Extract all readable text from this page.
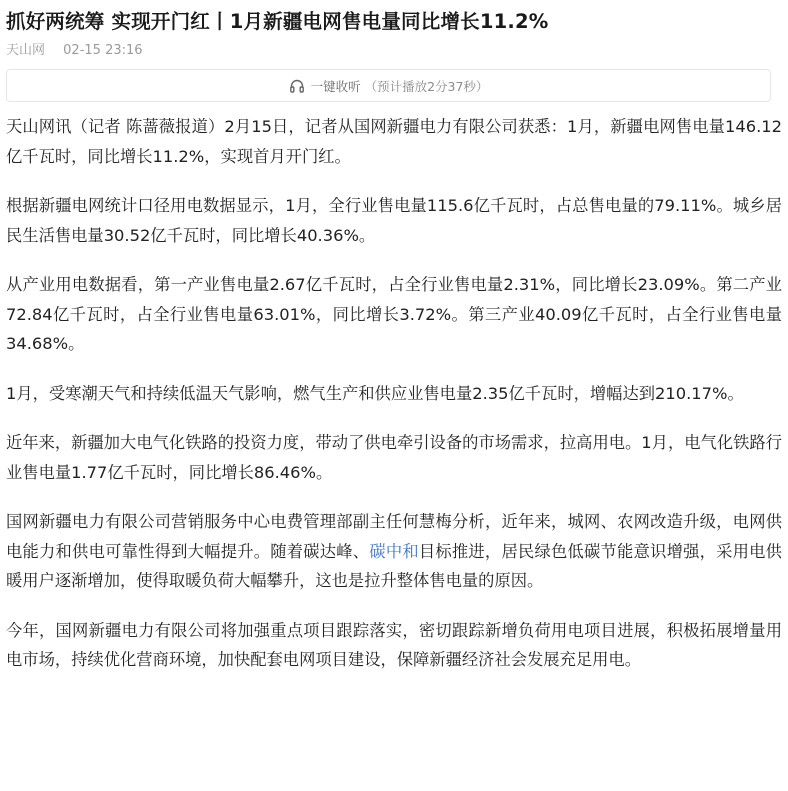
抓好两统筹 实现开门红丨1月新疆电网售电量同比增长11.2%
天山网 02-15 23:16
一键收听 （预计播放2分37秒）

天山网讯（记者 陈蔷薇报道）2月15日，记者从国网新疆电力有限公司获悉：1月，新疆电网售电量146.12亿千瓦时，同比增长11.2%，实现首月开门红。

根据新疆电网统计口径用电数据显示，1月，全行业售电量115.6亿千瓦时，占总售电量的79.11%。城乡居民生活售电量30.52亿千瓦时，同比增长40.36%。

从产业用电数据看，第一产业售电量2.67亿千瓦时，占全行业售电量2.31%，同比增长23.09%。第二产业72.84亿千瓦时，占全行业售电量63.01%，同比增长3.72%。第三产业40.09亿千瓦时，占全行业售电量34.68%。

1月，受寒潮天气和持续低温天气影响，燃气生产和供应业售电量2.35亿千瓦时，增幅达到210.17%。

近年来，新疆加大电气化铁路的投资力度，带动了供电牵引设备的市场需求，拉高用电。1月，电气化铁路行业售电量1.77亿千瓦时，同比增长86.46%。

国网新疆电力有限公司营销服务中心电费管理部副主任何慧梅分析，近年来，城网、农网改造升级，电网供电能力和供电可靠性得到大幅提升。随着碳达峰、碳中和目标推进，居民绿色低碳节能意识增强，采用电供暖用户逐渐增加，使得取暖负荷大幅攀升，这也是拉升整体售电量的原因。

今年，国网新疆电力有限公司将加强重点项目跟踪落实，密切跟踪新增负荷用电项目进展，积极拓展增量用电市场，持续优化营商环境，加快配套电网项目建设，保障新疆经济社会发展充足用电。
